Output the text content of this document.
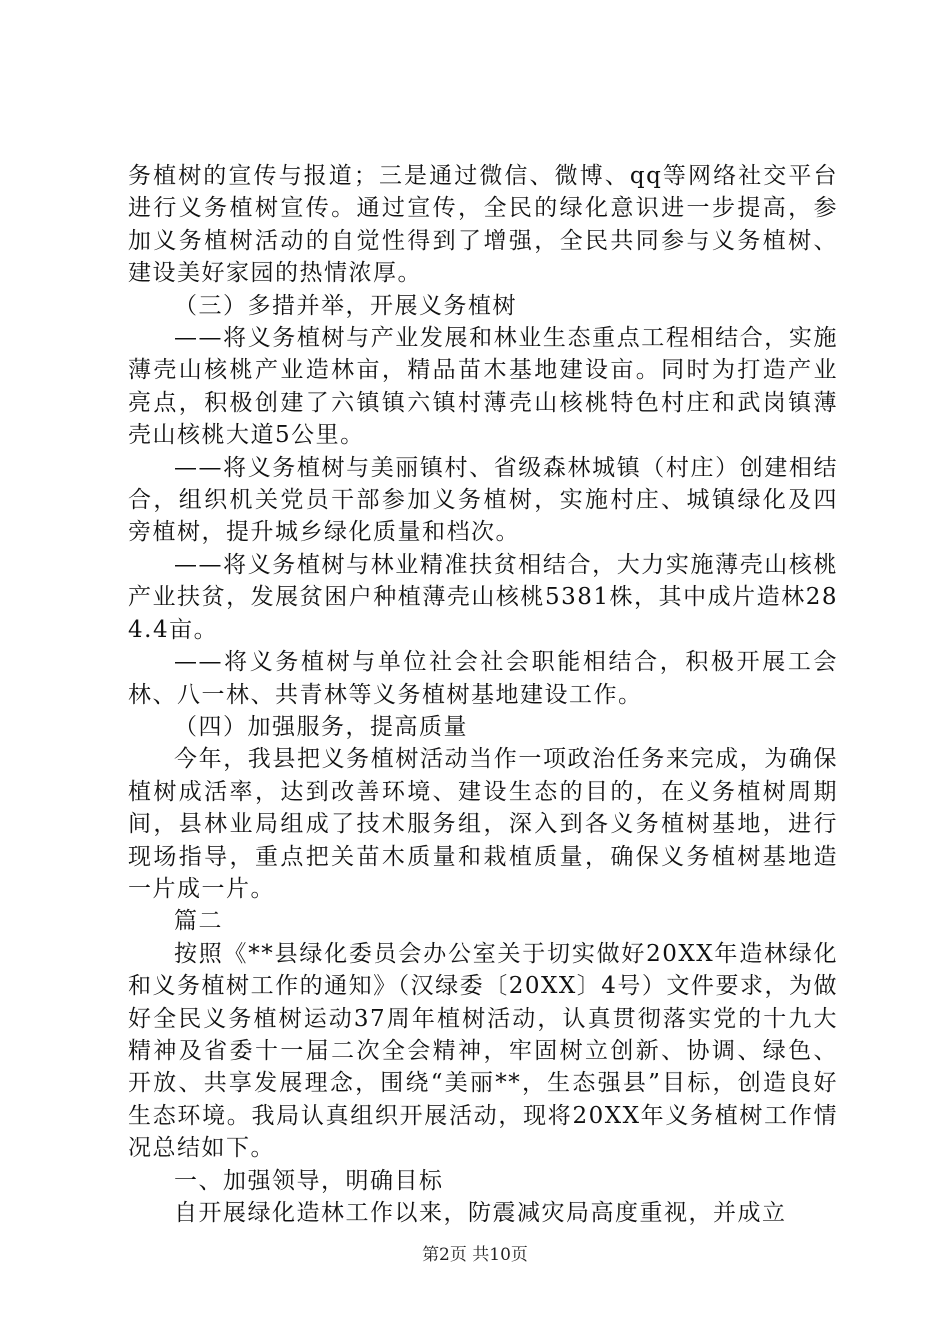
务植树的宣传与报道；三是通过微信、微博、qq等网络社交平台进行义务植树宣传。通过宣传，全民的绿化意识进一步提高，参加义务植树活动的自觉性得到了增强，全民共同参与义务植树、建设美好家园的热情浓厚。

（三）多措并举，开展义务植树

——将义务植树与产业发展和林业生态重点工程相结合，实施薄壳山核桃产业造林亩，精品苗木基地建设亩。同时为打造产业亮点，积极创建了六镇镇六镇村薄壳山核桃特色村庄和武岗镇薄壳山核桃大道5公里。

——将义务植树与美丽镇村、省级森林城镇（村庄）创建相结合，组织机关党员干部参加义务植树，实施村庄、城镇绿化及四旁植树，提升城乡绿化质量和档次。

——将义务植树与林业精准扶贫相结合，大力实施薄壳山核桃产业扶贫，发展贫困户种植薄壳山核桃5381株，其中成片造林284.4亩。

——将义务植树与单位社会社会职能相结合，积极开展工会林、八一林、共青林等义务植树基地建设工作。

（四）加强服务，提高质量

今年，我县把义务植树活动当作一项政治任务来完成，为确保植树成活率，达到改善环境、建设生态的目的，在义务植树周期间，县林业局组成了技术服务组，深入到各义务植树基地，进行现场指导，重点把关苗木质量和栽植质量，确保义务植树基地造一片成一片。

篇二

按照《**县绿化委员会办公室关于切实做好20XX年造林绿化和义务植树工作的通知》（汉绿委〔20XX〕4号）文件要求，为做好全民义务植树运动37周年植树活动，认真贯彻落实党的十九大精神及省委十一届二次全会精神，牢固树立创新、协调、绿色、开放、共享发展理念，围绕“美丽**，生态强县”目标，创造良好生态环境。我局认真组织开展活动，现将20XX年义务植树工作情况总结如下。

一、加强领导，明确目标

自开展绿化造林工作以来，防震减灾局高度重视，并成立

第2页 共10页
